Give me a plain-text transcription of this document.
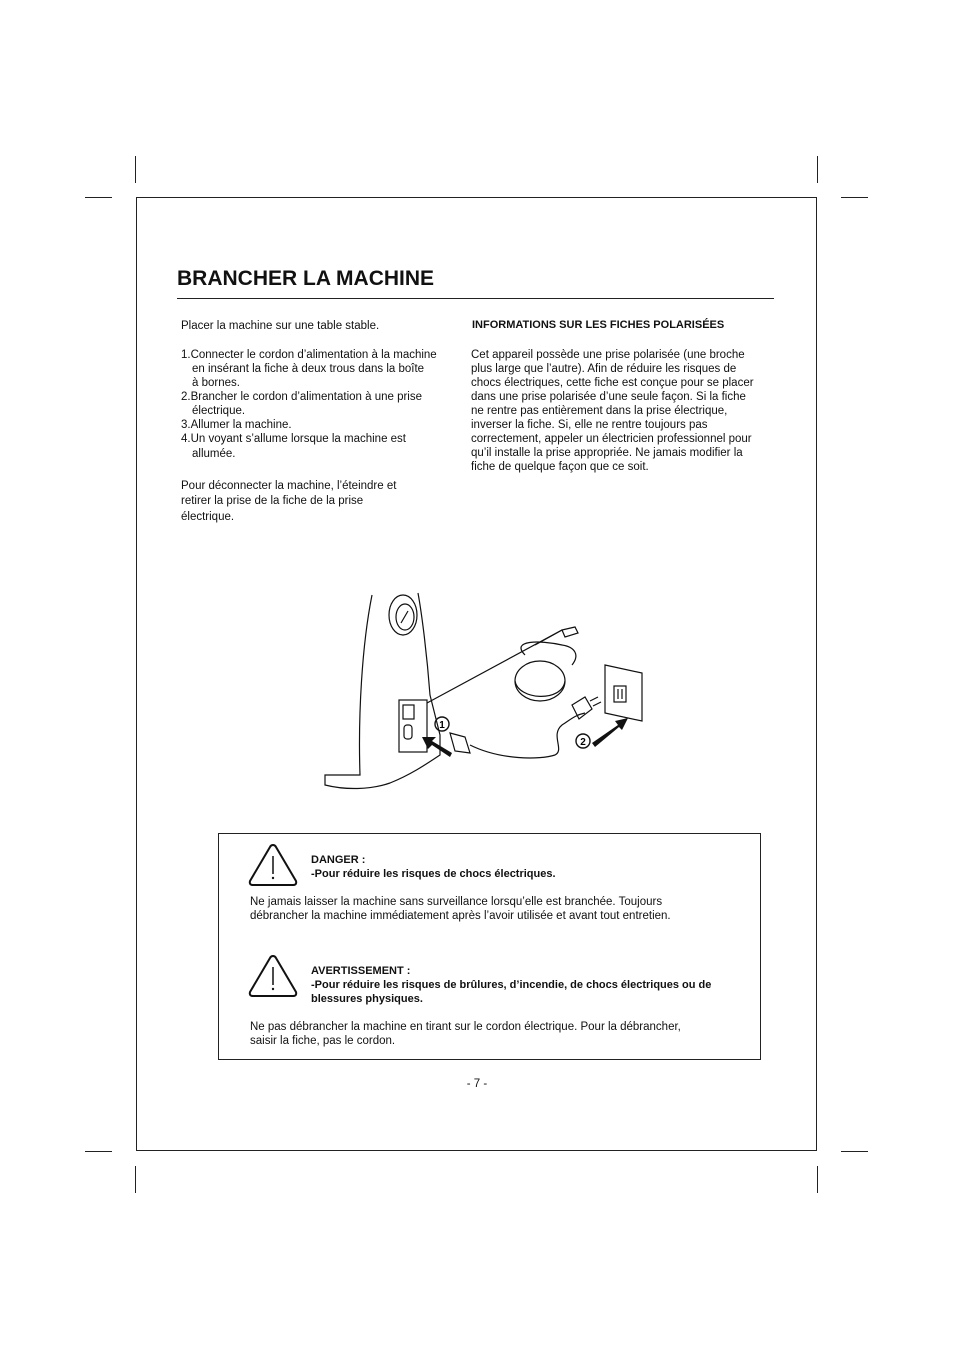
BRANCHER LA MACHINE
Placer la machine sur une table stable.
1.Connecter le cordon d’alimentation à la machine
en insérant la fiche à deux trous dans la boîte
à bornes.
2.Brancher le cordon d’alimentation à une prise
électrique.
3.Allumer la machine.
4.Un voyant s’allume lorsque la machine est
allumée.
Pour déconnecter la machine, l’éteindre et
retirer la prise de la fiche de la prise
électrique.
INFORMATIONS SUR LES FICHES POLARISÉES
Cet appareil possède une prise polarisée (une broche
plus large que l’autre). Afin de réduire les risques de
chocs électriques, cette fiche est conçue pour se placer
dans une prise polarisée d’une seule façon. Si la fiche
ne rentre pas entièrement dans la prise électrique,
inverser la fiche. Si, elle ne rentre toujours pas
correctement, appeler un électricien professionnel pour
qu’il installe la prise appropriée. Ne jamais modifier la
fiche de quelque façon que ce soit.
1
2
DANGER :
-Pour réduire les risques de chocs électriques.
Ne jamais laisser la machine sans surveillance lorsqu’elle est branchée. Toujours
débrancher la machine immédiatement après l’avoir utilisée et avant tout entretien.
AVERTISSEMENT :
-Pour réduire les risques de brûlures, d’incendie, de chocs électriques ou de
blessures physiques.
Ne pas débrancher la machine en tirant sur le cordon électrique. Pour la débrancher,
saisir la fiche, pas le cordon.
- 7 -
